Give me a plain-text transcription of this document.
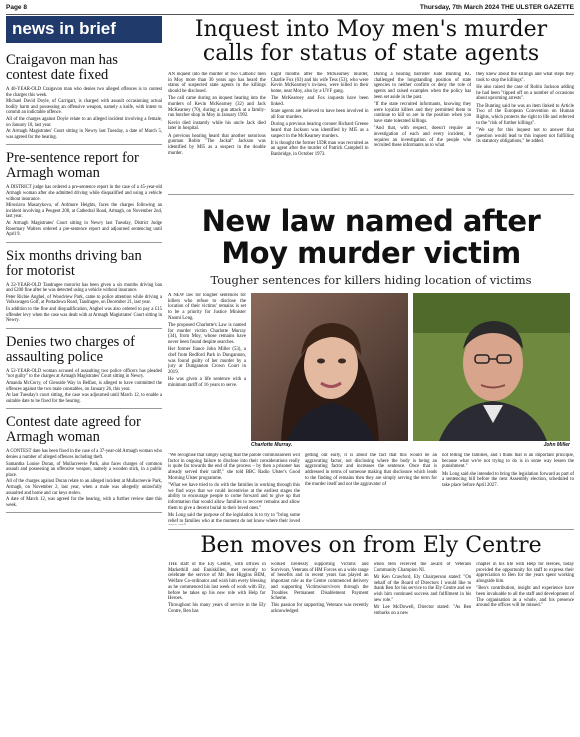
Page 8	Thursday, 7th March 2024 THE ULSTER GAZETTE
news in brief
Craigavon man has contest date fixed

A 40-YEAR-OLD Craigavon man who denies two alleged offences is to contest the charges this week.

Michael David Doyle, of Carrigart, is charged with assault occasioning actual bodily harm and possessing an offensive weapon, namely a knife, with intent to commit an indictable offence.

All of the charges against Doyle relate to an alleged incident involving a female, on January 18, last year.

At Armagh Magistrates' Court sitting in Newry last Tuesday, a date of March 5, was agreed for the hearing.

Pre-sentence report for Armagh woman

A DISTRICT judge has ordered a pre-sentence report in the case of a 45-year-old Armagh woman after she admitted driving while disqualified and using a vehicle without insurance.

Miroslava Masarykova, of Ardmore Heights, faces the charges following an incident involving a Peugeot 208, at Cathedral Road, Armagh, on November 2nd, last year.

At Armagh Magistrates' Court sitting in Newry last Tuesday, District Judge Rosemary Walters ordered a pre-sentence report and adjourned sentencing until April 9.

Six months driving ban for motorist

A 22-YEAR-OLD Tandragee motorist has been given a six months driving ban and £200 fine after he was detected using a vehicle without insurance.

Peter Richie Anghel, of Woodview Park, came to police attention while driving a Volkswagen Golf, at Portadown Road, Tandragee, on December 21, last year.

In addition to the fine and disqualification, Anghel was also ordered to pay a £15 offender levy when the case was dealt with at Armagh Magistrates' Court sitting in Newry.

Denies two charges of assaulting police

A 52-YEAR-OLD woman accused of assaulting two police officers has pleaded "not guilty" to the charges at Armagh Magistrates' Court sitting in Newry.

Amanda McCorry, of Glenside Way in Belfast, is alleged to have committed the offences against the two male constables, on January 26, this year.

At last Tuesday's court sitting, the case was adjourned until March 12, to enable a suitable date to be fixed for the hearing.

Contest date agreed for Armagh woman

A CONTEST date has been fixed in the case of a 37-year-old Armagh woman who denies a number of alleged offences including theft.

Samantha Louise Doran, of Mullacreevie Park, also faces charges of common assault and possessing an offensive weapon, namely a wooden stick, in a public place.

All of the charges against Doran relate to an alleged incident at Mullacreevie Park, Armagh, on November 2, last year, when a male was allegedly unlawfully assaulted and home and car keys stolen.

A date of March 12, was agreed for the hearing, with a further review date this week.

Inquest into Moy men's murder calls for status of state agents

AN inquest into the murder of two Catholic men in Moy more than 30 years ago has heard the status of suspected state agents in the killings should be disclosed.

The call came during an inquest hearing into the murders of Kevin McKearney (32) and Jack McKearney (70), during a gun attack at a family-run butcher shop in Moy in January 1992.

Kevin died instantly while his uncle Jack died later in hospital.

A previous hearing heard that another notorious gunman Robin "The Jackal" Jackson was identified by MI5 as a suspect in the double murder.

Eight months after the McKearney murder, Charlie Fox (63) and his wife Tess (53), who were Kevin McKearney's in-laws, were killed in their home, near Moy, also by a UVF gang.

The McKearney and Fox inquests have been linked.

State agents are believed to have been involved in all four murders.

During a previous hearing coroner Richard Greene heard that Jackson was identified by MI5 as a suspect in the McKearney murders.

It is thought the former UDR man was recruited as an agent after the murder of Patrick Campbell in Banbridge, in October 1973.

During a hearing barrister Jude Bunting KC challenged the longstanding position of state agencies to neither confirm or deny the role of agents and raised examples when the policy has been set aside in the past.

"If the state recruited informants, knowing they were loyalist killers and they permitted them to continue to kill so are in the position when you have state tolerated killings.

"And that, with respect, doesn't require an investigation of each and every incident, it requires an investigation of the people who recruited these informants as to what

they knew about the killings and what steps they took to stop the killings".

He also raised the case of Robin Jackson adding he had been "tipped off on a number of occasions about upcoming arrests".

The Bunting said he was an item linked to Article Two of the European Convention on Human Rights, which protects the right to life and referred to the "risk of further killings".

"We say for this inquest not to answer that question would lead to this inquest not fulfilling its statutory obligations," he added.

New law named after Moy murder victim
Tougher sentences for killers hiding location of victims

A NEW law for tougher sentences for killers who refuse to disclose the location of their victims' remains is set to be a priority for Justice Minister Naomi Long.

The proposed Charlotte's Law is named for murder victim Charlotte Murray (34), from Moy, whose remains have never been found despite searches.

Her former fiance John Miller (53), a chef from Redford Park in Dungannon, was found guilty of her murder by a jury at Dungannon Crown Court in 2019.

He was given a life sentence with a minimum tariff of 16 years to serve.

Charlotte Murray.	John Miller

"We recognise that simply saying that the parole commissioners will factor in ongoing failure to disclose into their considerations really is quite far towards the end of the process – by then a prisoner has already served their tariff," she told BBC Radio Ulster's Good Morning Ulster programme.

"What we have tried to do with the families in working through this we find ways that we could incentivise at the earliest stages the ability to encourage people to come forward and to give up that information that would allow families to recover remains and allow them to give a decent burial to their loved ones."

Ms Long said the purpose of the legislation is to try to "bring some relief to families who at the moment do not know where their loved

getting out early, it is about the fact that this would be an aggravating factor, not disclosing where the body is being an aggravating factor and increases the sentence. Once that is addressed in terms of someone making that disclosure which leads to the finding of remains then they are simply serving the term for the murder itself and not the aggravator of

not telling the families, and I think that is an important principle, because what we're not trying to do is in some way lessen the punishment."

Ms Long said she intended to bring the legislation forward as part of a sentencing bill before the next Assembly election, scheduled to take place before April 2027.

Ben moves on from Ely Centre

THE staff of the Ely Centre, with offices in Markethill and Enniskillen, met recently to celebrate the service of Mr Ben Higgins BEM, Welfare Co-ordinator and wish him every blessing as he commenced his last week of work with Ely, before he takes up his new role with Help for Heroes.

Throughout his many years of service in the Ely Centre, Ben has

worked tirelessly supporting Victims and Survivors, Veterans of HM Forces on a wide range of benefits and in recent years has played an important role as the Centre commenced delivery and supporting Victims/survivors through the Troubles Permanent Disablement Payment Scheme.

This passion for supporting Veterans was recently acknowledged

when Ben received the award of Veterans Community Champion NI.

Mr Ken Crawford, Ely Chairperson stated: "On behalf of the Board of Directors I would like to thank Ben for his service to the Ely Centre and we wish him continued success and fulfilment in his new role."

Mr Lee McDowell, Director stated: "As Ben embarks on a new

chapter in his life with Help for Heroes, today provided the opportunity for staff to express their appreciation to Ben for the years spent working alongside him.

"Ben's contribution, insight and experience have been invaluable to all the staff and development of The organisation as a whole, and his presence around the offices will be missed."
